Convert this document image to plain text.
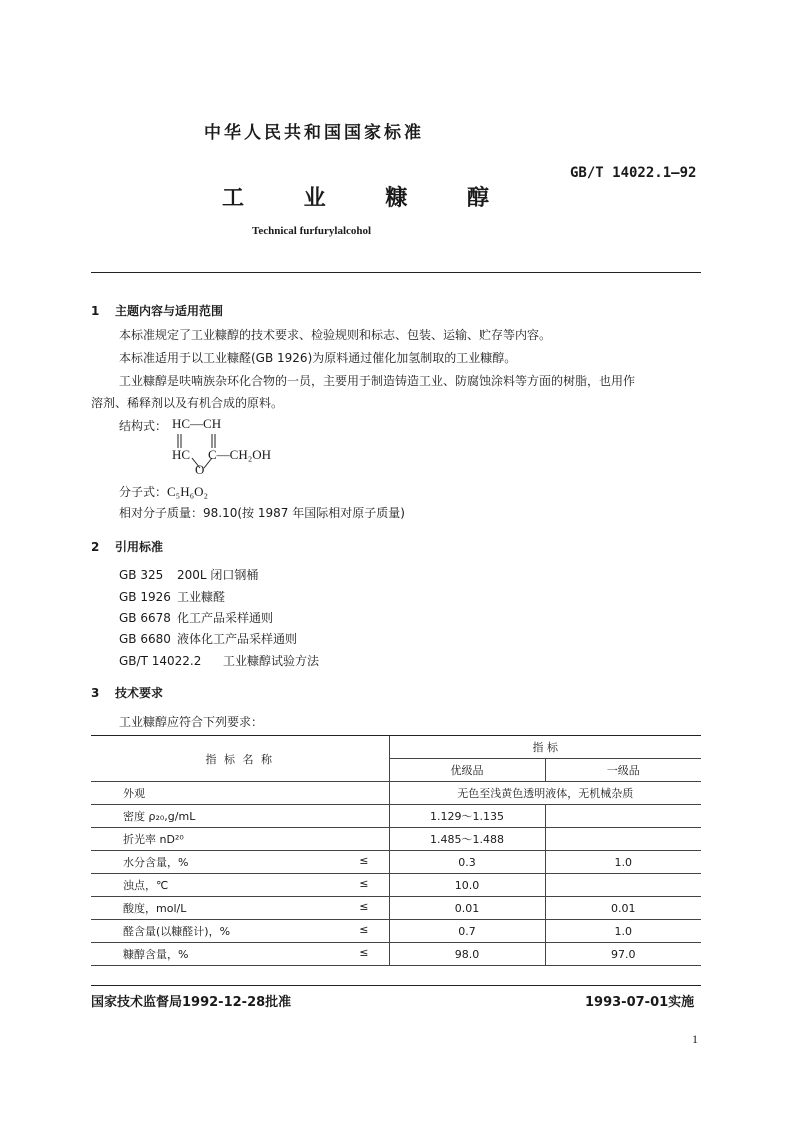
中华人民共和国国家标准
GB/T 14022.1—92
工 业 糠 醇
Technical furfurylalcohol
1 主题内容与适用范围
本标准规定了工业糠醇的技术要求、检验规则和标志、包装、运输、贮存等内容。
本标准适用于以工业糠醛(GB 1926)为原料通过催化加氢制取的工业糠醇。
工业糠醇是呋喃族杂环化合物的一员，主要用于制造铸造工业、防腐蚀涂料等方面的树脂，也用作
溶剂、稀释剂以及有机合成的原料。
结构式： HC—CH
HC C—CH₂OH
O
分子式：C₅H₆O₂
相对分子质量：98.10(按 1987 年国际相对原子质量)
2 引用标准
GB 325 200L 闭口钢桶
GB 1926 工业糠醛
GB 6678 化工产品采样通则
GB 6680 液体化工产品采样通则
GB/T 14022.2 工业糠醇试验方法
3 技术要求
工业糠醇应符合下列要求：
指 标 名 称		指 标	
		优级品	一级品
外观		无色至浅黄色透明液体，无机械杂质	
密度 ρ₂₀,g/mL		1.129～1.135	
折光率 nD²⁰		1.485～1.488	
水分含量，%	≤	0.3	1.0
浊点，℃	≤	10.0	
酸度，mol/L	≤	0.01	0.01
醛含量(以糠醛计)，%	≤	0.7	1.0
糠醇含量，%	≤	98.0	97.0
国家技术监督局1992-12-28批准	1993-07-01实施
1
